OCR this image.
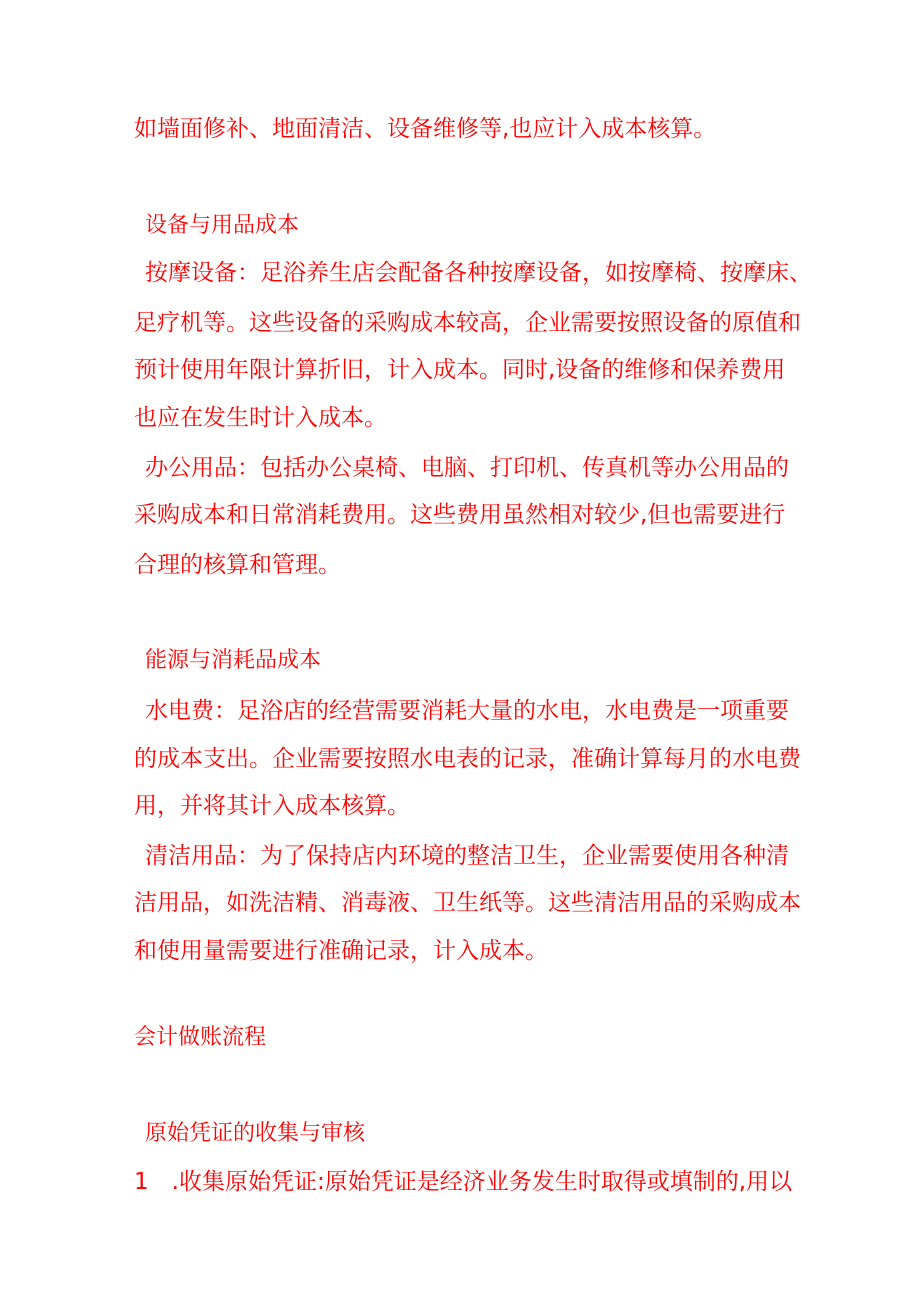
如墙面修补、地面清洁、设备维修等,也应计入成本核算。

设备与用品成本

按摩设备：足浴养生店会配备各种按摩设备，如按摩椅、按摩床、

足疗机等。这些设备的采购成本较高，企业需要按照设备的原值和

预计使用年限计算折旧，计入成本。同时,设备的维修和保养费用

也应在发生时计入成本。

办公用品：包括办公桌椅、电脑、打印机、传真机等办公用品的

采购成本和日常消耗费用。这些费用虽然相对较少,但也需要进行

合理的核算和管理。

能源与消耗品成本

水电费：足浴店的经营需要消耗大量的水电，水电费是一项重要

的成本支出。企业需要按照水电表的记录，准确计算每月的水电费

用，并将其计入成本核算。

清洁用品：为了保持店内环境的整洁卫生，企业需要使用各种清

洁用品，如洗洁精、消毒液、卫生纸等。这些清洁用品的采购成本

和使用量需要进行准确记录，计入成本。

会计做账流程

原始凭证的收集与审核

1　.收集原始凭证:原始凭证是经济业务发生时取得或填制的,用以
